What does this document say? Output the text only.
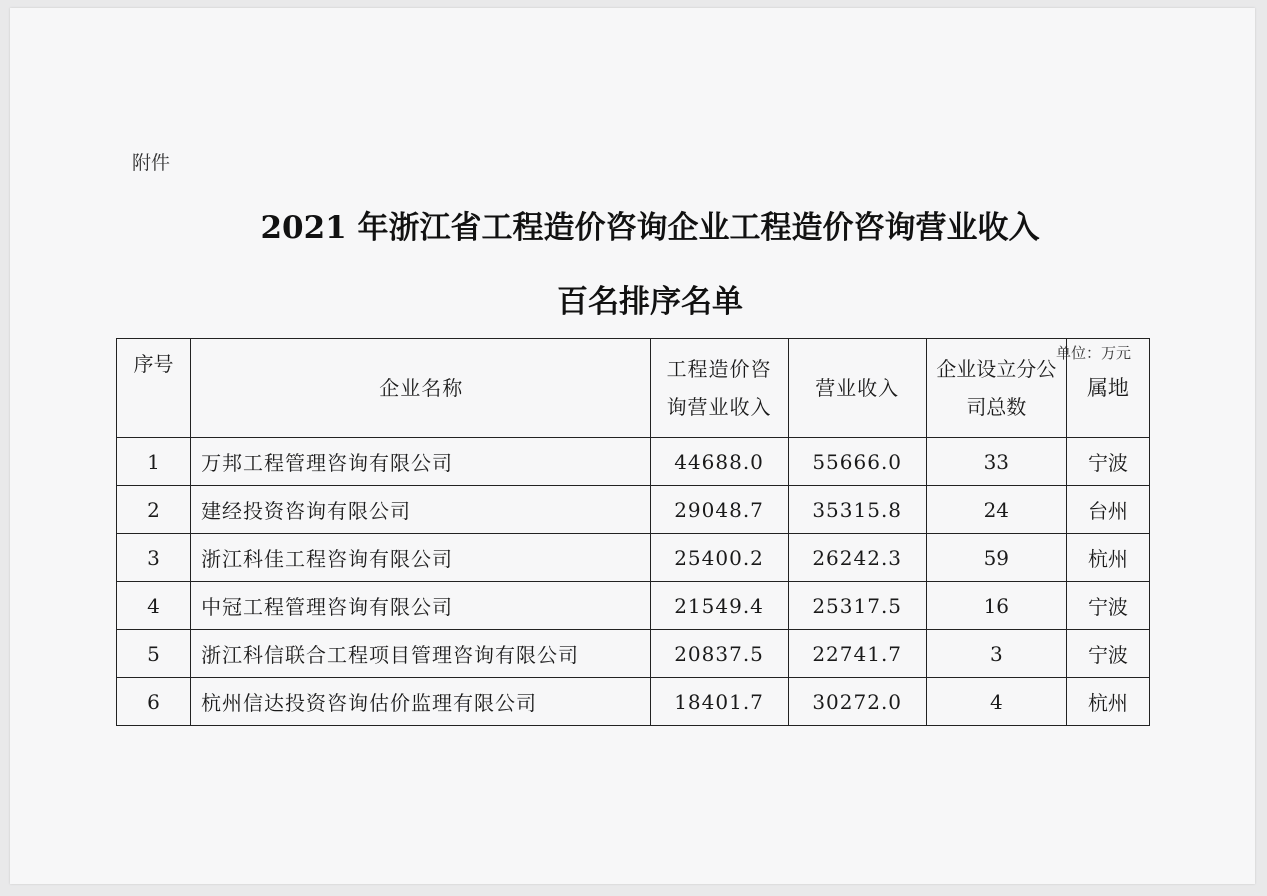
附件
2021 年浙江省工程造价咨询企业工程造价咨询营业收入
百名排序名单
单位：万元
序号	企业名称	工程造价咨询营业收入	营业收入	企业设立分公司总数	属地
1	万邦工程管理咨询有限公司	44688.0	55666.0	33	宁波
2	建经投资咨询有限公司	29048.7	35315.8	24	台州
3	浙江科佳工程咨询有限公司	25400.2	26242.3	59	杭州
4	中冠工程管理咨询有限公司	21549.4	25317.5	16	宁波
5	浙江科信联合工程项目管理咨询有限公司	20837.5	22741.7	3	宁波
6	杭州信达投资咨询估价监理有限公司	18401.7	30272.0	4	杭州
